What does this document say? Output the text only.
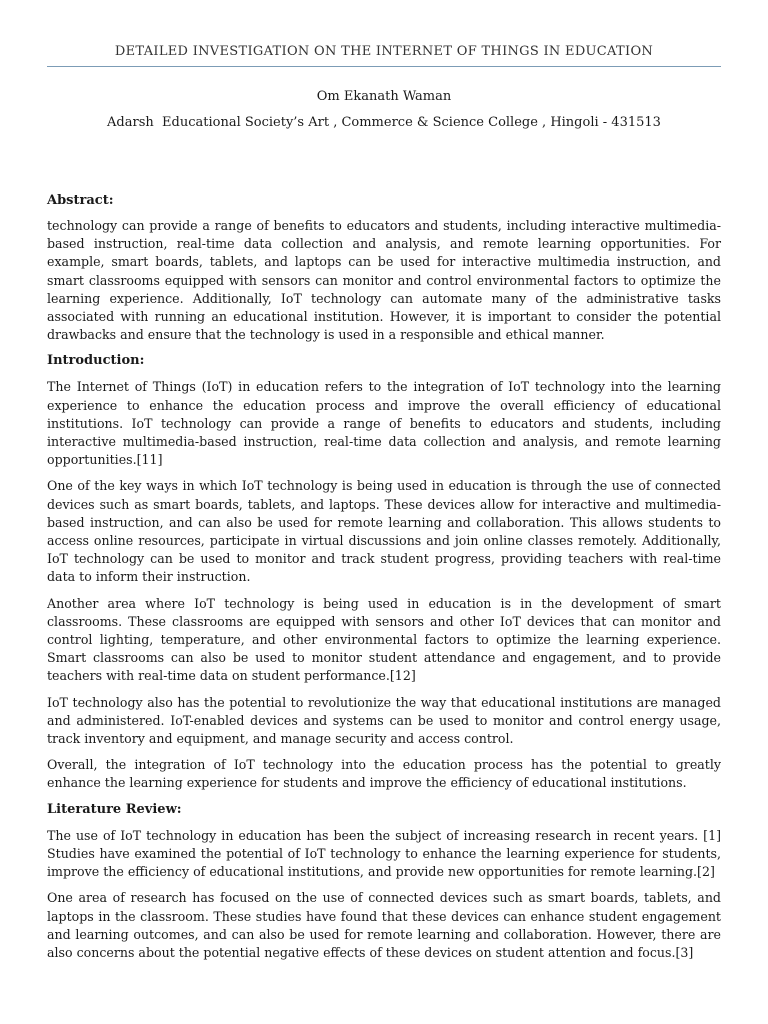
DETAILED INVESTIGATION ON THE INTERNET OF THINGS IN EDUCATION
Om Ekanath Waman
Adarsh  Educational Society’s Art , Commerce & Science College , Hingoli - 431513
Abstract:

technology can provide a range of benefits to educators and students, including interactive multimedia-based instruction, real-time data collection and analysis, and remote learning opportunities. For example, smart boards, tablets, and laptops can be used for interactive multimedia instruction, and smart classrooms equipped with sensors can monitor and control environmental factors to optimize the learning experience. Additionally, IoT technology can automate many of the administrative tasks associated with running an educational institution. However, it is important to consider the potential drawbacks and ensure that the technology is used in a responsible and ethical manner.

Introduction:

The Internet of Things (IoT) in education refers to the integration of IoT technology into the learning experience to enhance the education process and improve the overall efficiency of educational institutions. IoT technology can provide a range of benefits to educators and students, including interactive multimedia-based instruction, real-time data collection and analysis, and remote learning opportunities.[11]

One of the key ways in which IoT technology is being used in education is through the use of connected devices such as smart boards, tablets, and laptops. These devices allow for interactive and multimedia-based instruction, and can also be used for remote learning and collaboration. This allows students to access online resources, participate in virtual discussions and join online classes remotely. Additionally, IoT technology can be used to monitor and track student progress, providing teachers with real-time data to inform their instruction.

Another area where IoT technology is being used in education is in the development of smart classrooms. These classrooms are equipped with sensors and other IoT devices that can monitor and control lighting, temperature, and other environmental factors to optimize the learning experience. Smart classrooms can also be used to monitor student attendance and engagement, and to provide teachers with real-time data on student performance.[12]

IoT technology also has the potential to revolutionize the way that educational institutions are managed and administered. IoT-enabled devices and systems can be used to monitor and control energy usage, track inventory and equipment, and manage security and access control.

Overall, the integration of IoT technology into the education process has the potential to greatly enhance the learning experience for students and improve the efficiency of educational institutions.

Literature Review:

The use of IoT technology in education has been the subject of increasing research in recent years. [1] Studies have examined the potential of IoT technology to enhance the learning experience for students, improve the efficiency of educational institutions, and provide new opportunities for remote learning.[2]

One area of research has focused on the use of connected devices such as smart boards, tablets, and laptops in the classroom. These studies have found that these devices can enhance student engagement and learning outcomes, and can also be used for remote learning and collaboration. However, there are also concerns about the potential negative effects of these devices on student attention and focus.[3]
